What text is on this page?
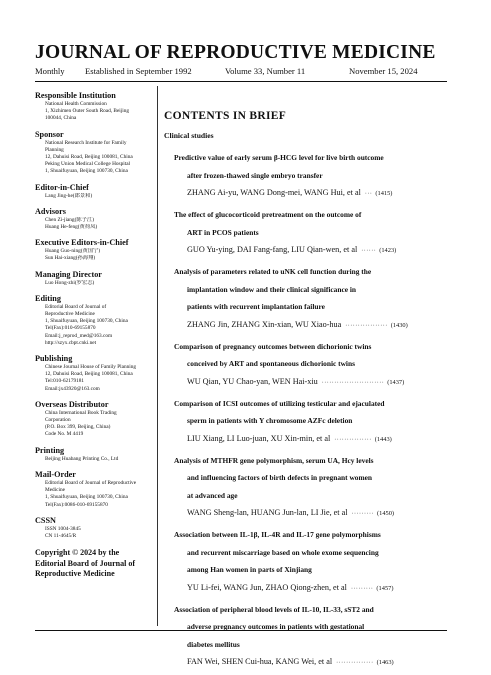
JOURNAL OF REPRODUCTIVE MEDICINE
Monthly	Established in September 1992	Volume 33, Number 11	November 15, 2024
Responsible Institution
National Health Commission
1, Xizhimen Outer South Road, Beijing
100044, China
Sponsor
National Research Institute for Family
Planning
12, Dahuisi Road, Beijing 100081, China
Peking Union Medical College Hospital
1, Shuaifuyuan, Beijing 100730, China
Editor-in-Chief
Lang Jing-he(郎景和)
Advisors
Chen Zi-jiang(陈子江)
Huang He-feng(黄荷凤)
Executive Editors-in-Chief
Huang Guo-ning(黄国宁)
Sun Hai-xiang(孙海翔)
Managing Director
Luo Hong-zhi(罗宏志)
Editing
Editorial Board of Journal of
Reproductive Medicine
1, Shuaifuyuan, Beijing 100730, China
Tel(Fax):010-69155870
Email:j_reprod_med@163.com
http://szyx.cbpt.cnki.net
Publishing
Chinese Journal House of Family Planning
12, Dahuisi Road, Beijing 100081, China
Tel:010-62179181
Email:jx43920@163.com
Overseas Distributor
China International Book Trading
Corporation
(P.O. Box 399, Beijing, China)
Code No. M 4419
Printing
Beijing Huabang Printing Co., Ltd
Mail-Order
Editorial Board of Journal of Reproductive
Medicine
1, Shuaifuyuan, Beijing 100730, China
Tel(Fax):0086-010-69155870
CSSN
ISSN 1004-3845
CN 11-4645/R
Copyright © 2024 by the
Editorial Board of Journal of
Reproductive Medicine
CONTENTS IN BRIEF
Clinical studies
Predictive value of early serum β-HCG level for live birth outcome
after frozen-thawed single embryo transfer
ZHANG Ai-yu, WANG Dong-mei, WANG Hui, et al ··· (1415)
The effect of glucocorticoid pretreatment on the outcome of
ART in PCOS patients
GUO Yu-ying, DAI Fang-fang, LIU Qian-wen, et al ······ (1423)
Analysis of parameters related to uNK cell function during the
implantation window and their clinical significance in
patients with recurrent implantation failure
ZHANG Jin, ZHANG Xin-xian, WU Xiao-hua ················· (1430)
Comparison of pregnancy outcomes between dichorionic twins
conceived by ART and spontaneous dichorionic twins
WU Qian, YU Chao-yan, WEN Hai-xiu ························· (1437)
Comparison of ICSI outcomes of utilizing testicular and ejaculated
sperm in patients with Y chromosome AZFc deletion
LIU Xiang, LI Luo-juan, XU Xin-min, et al ··············· (1443)
Analysis of MTHFR gene polymorphism, serum UA, Hcy levels
and influencing factors of birth defects in pregnant women
at advanced age
WANG Sheng-lan, HUANG Jun-lan, LI Jie, et al ········· (1450)
Association between IL-1β, IL-4R and IL-17 gene polymorphisms
and recurrent miscarriage based on whole exome sequencing
among Han women in parts of Xinjiang
YU Li-fei, WANG Jun, ZHAO Qiong-zhen, et al ········· (1457)
Association of peripheral blood levels of IL-10, IL-33, sST2 and
adverse pregnancy outcomes in patients with gestational
diabetes mellitus
FAN Wei, SHEN Cui-hua, KANG Wei, et al ··············· (1463)
